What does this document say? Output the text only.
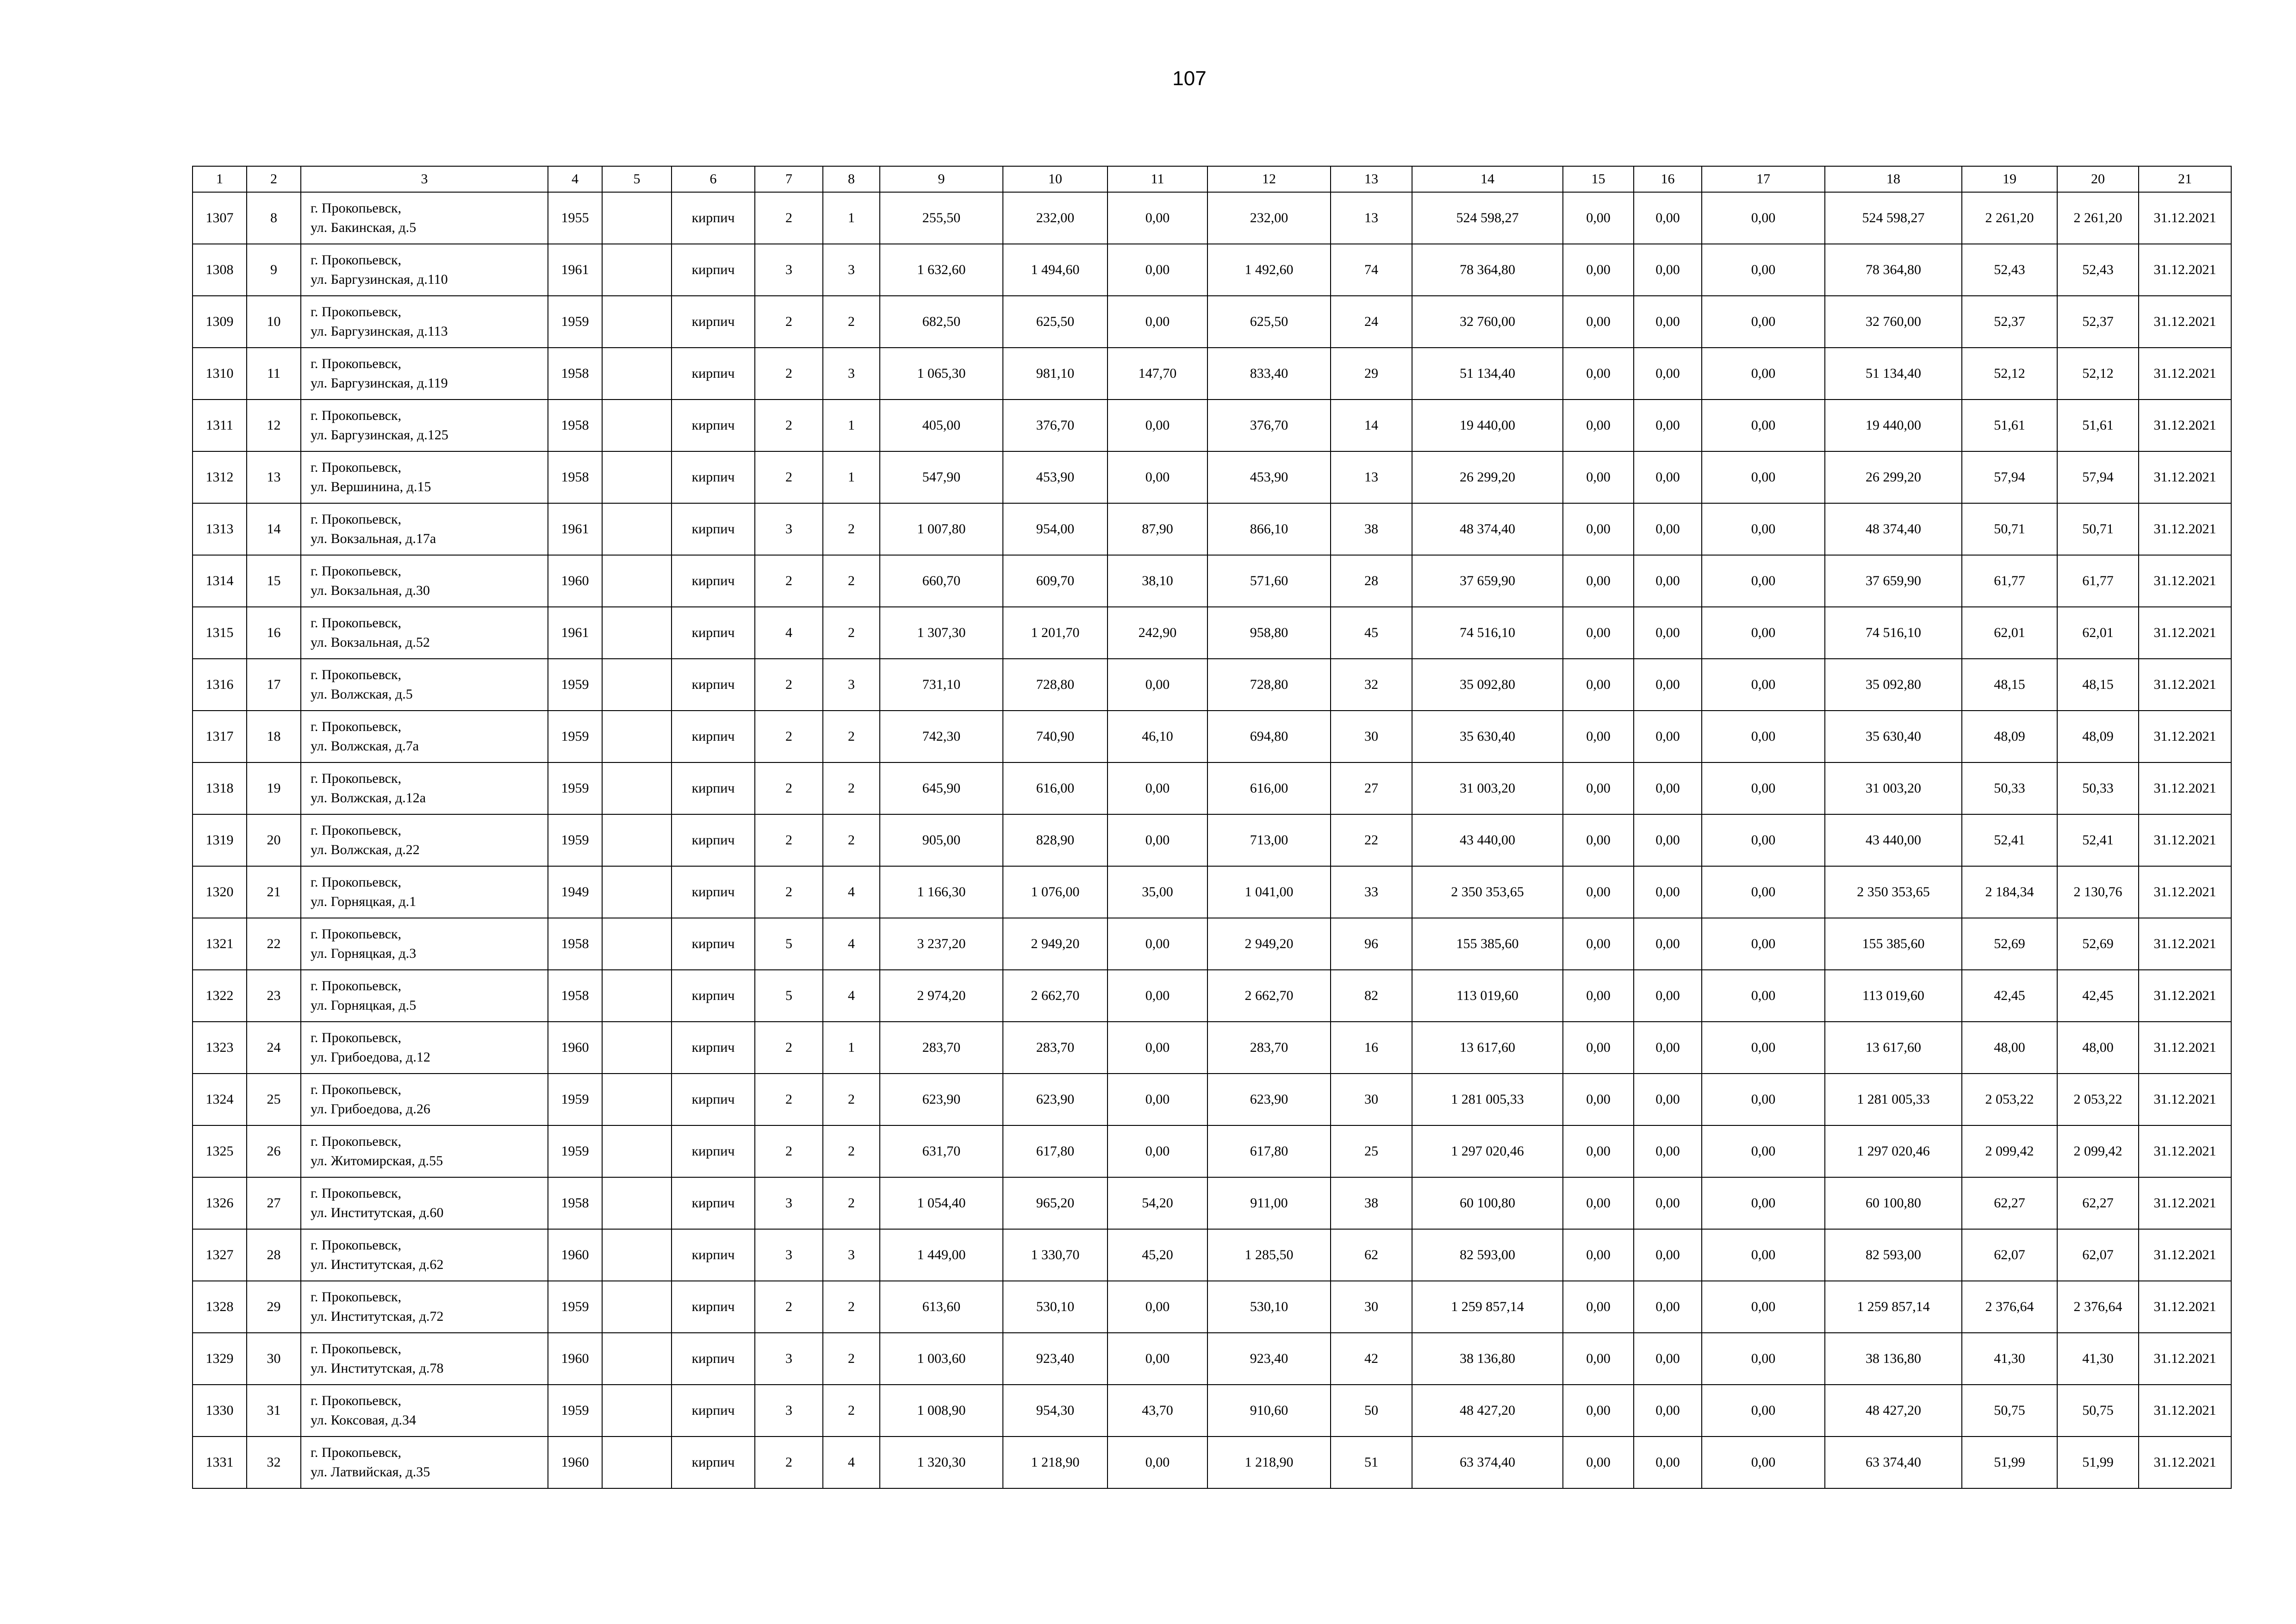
107
1	2	3	4	5	6	7	8	9	10	11	12	13	14	15	16	17	18	19	20	21
1307	8	г. Прокопьевск,
ул. Бакинская, д.5	1955		кирпич	2	1	255,50	232,00	0,00	232,00	13	524 598,27	0,00	0,00	0,00	524 598,27	2 261,20	2 261,20	31.12.2021
1308	9	г. Прокопьевск,
ул. Баргузинская, д.110	1961		кирпич	3	3	1 632,60	1 494,60	0,00	1 492,60	74	78 364,80	0,00	0,00	0,00	78 364,80	52,43	52,43	31.12.2021
1309	10	г. Прокопьевск,
ул. Баргузинская, д.113	1959		кирпич	2	2	682,50	625,50	0,00	625,50	24	32 760,00	0,00	0,00	0,00	32 760,00	52,37	52,37	31.12.2021
1310	11	г. Прокопьевск,
ул. Баргузинская, д.119	1958		кирпич	2	3	1 065,30	981,10	147,70	833,40	29	51 134,40	0,00	0,00	0,00	51 134,40	52,12	52,12	31.12.2021
1311	12	г. Прокопьевск,
ул. Баргузинская, д.125	1958		кирпич	2	1	405,00	376,70	0,00	376,70	14	19 440,00	0,00	0,00	0,00	19 440,00	51,61	51,61	31.12.2021
1312	13	г. Прокопьевск,
ул. Вершинина, д.15	1958		кирпич	2	1	547,90	453,90	0,00	453,90	13	26 299,20	0,00	0,00	0,00	26 299,20	57,94	57,94	31.12.2021
1313	14	г. Прокопьевск,
ул. Вокзальная, д.17а	1961		кирпич	3	2	1 007,80	954,00	87,90	866,10	38	48 374,40	0,00	0,00	0,00	48 374,40	50,71	50,71	31.12.2021
1314	15	г. Прокопьевск,
ул. Вокзальная, д.30	1960		кирпич	2	2	660,70	609,70	38,10	571,60	28	37 659,90	0,00	0,00	0,00	37 659,90	61,77	61,77	31.12.2021
1315	16	г. Прокопьевск,
ул. Вокзальная, д.52	1961		кирпич	4	2	1 307,30	1 201,70	242,90	958,80	45	74 516,10	0,00	0,00	0,00	74 516,10	62,01	62,01	31.12.2021
1316	17	г. Прокопьевск,
ул. Волжская, д.5	1959		кирпич	2	3	731,10	728,80	0,00	728,80	32	35 092,80	0,00	0,00	0,00	35 092,80	48,15	48,15	31.12.2021
1317	18	г. Прокопьевск,
ул. Волжская, д.7а	1959		кирпич	2	2	742,30	740,90	46,10	694,80	30	35 630,40	0,00	0,00	0,00	35 630,40	48,09	48,09	31.12.2021
1318	19	г. Прокопьевск,
ул. Волжская, д.12а	1959		кирпич	2	2	645,90	616,00	0,00	616,00	27	31 003,20	0,00	0,00	0,00	31 003,20	50,33	50,33	31.12.2021
1319	20	г. Прокопьевск,
ул. Волжская, д.22	1959		кирпич	2	2	905,00	828,90	0,00	713,00	22	43 440,00	0,00	0,00	0,00	43 440,00	52,41	52,41	31.12.2021
1320	21	г. Прокопьевск,
ул. Горняцкая, д.1	1949		кирпич	2	4	1 166,30	1 076,00	35,00	1 041,00	33	2 350 353,65	0,00	0,00	0,00	2 350 353,65	2 184,34	2 130,76	31.12.2021
1321	22	г. Прокопьевск,
ул. Горняцкая, д.3	1958		кирпич	5	4	3 237,20	2 949,20	0,00	2 949,20	96	155 385,60	0,00	0,00	0,00	155 385,60	52,69	52,69	31.12.2021
1322	23	г. Прокопьевск,
ул. Горняцкая, д.5	1958		кирпич	5	4	2 974,20	2 662,70	0,00	2 662,70	82	113 019,60	0,00	0,00	0,00	113 019,60	42,45	42,45	31.12.2021
1323	24	г. Прокопьевск,
ул. Грибоедова, д.12	1960		кирпич	2	1	283,70	283,70	0,00	283,70	16	13 617,60	0,00	0,00	0,00	13 617,60	48,00	48,00	31.12.2021
1324	25	г. Прокопьевск,
ул. Грибоедова, д.26	1959		кирпич	2	2	623,90	623,90	0,00	623,90	30	1 281 005,33	0,00	0,00	0,00	1 281 005,33	2 053,22	2 053,22	31.12.2021
1325	26	г. Прокопьевск,
ул. Житомирская, д.55	1959		кирпич	2	2	631,70	617,80	0,00	617,80	25	1 297 020,46	0,00	0,00	0,00	1 297 020,46	2 099,42	2 099,42	31.12.2021
1326	27	г. Прокопьевск,
ул. Институтская, д.60	1958		кирпич	3	2	1 054,40	965,20	54,20	911,00	38	60 100,80	0,00	0,00	0,00	60 100,80	62,27	62,27	31.12.2021
1327	28	г. Прокопьевск,
ул. Институтская, д.62	1960		кирпич	3	3	1 449,00	1 330,70	45,20	1 285,50	62	82 593,00	0,00	0,00	0,00	82 593,00	62,07	62,07	31.12.2021
1328	29	г. Прокопьевск,
ул. Институтская, д.72	1959		кирпич	2	2	613,60	530,10	0,00	530,10	30	1 259 857,14	0,00	0,00	0,00	1 259 857,14	2 376,64	2 376,64	31.12.2021
1329	30	г. Прокопьевск,
ул. Институтская, д.78	1960		кирпич	3	2	1 003,60	923,40	0,00	923,40	42	38 136,80	0,00	0,00	0,00	38 136,80	41,30	41,30	31.12.2021
1330	31	г. Прокопьевск,
ул. Коксовая, д.34	1959		кирпич	3	2	1 008,90	954,30	43,70	910,60	50	48 427,20	0,00	0,00	0,00	48 427,20	50,75	50,75	31.12.2021
1331	32	г. Прокопьевск,
ул. Латвийская, д.35	1960		кирпич	2	4	1 320,30	1 218,90	0,00	1 218,90	51	63 374,40	0,00	0,00	0,00	63 374,40	51,99	51,99	31.12.2021
